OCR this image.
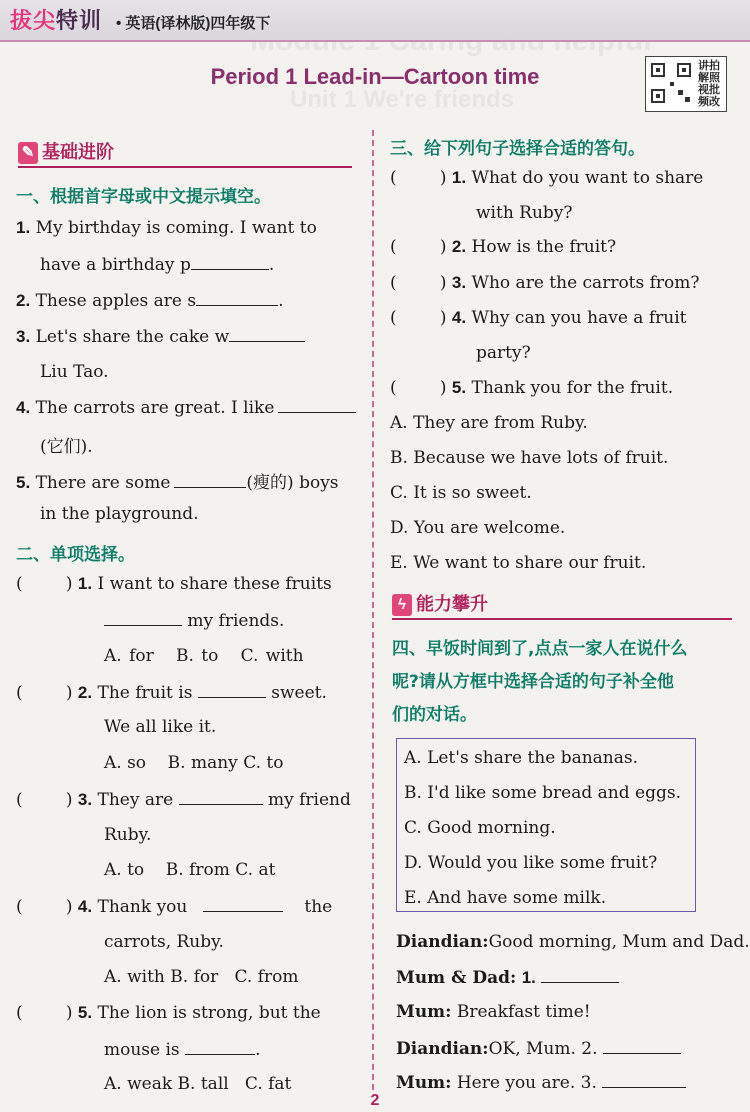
Unit 1 We're friends
拔尖特训 • 英语(译林版)四年级下
讲拍
解照
视批
频改
Period 1 Lead-in—Cartoon time
✎ 基础进阶
一、根据首字母或中文提示填空。
1. My birthday is coming. I want to
have a birthday p	.
2. These apples are s	.
3. Let's share the cake w
Liu Tao.
4. The carrots are great. I like
(它们).
5. There are some	(瘦的) boys
in the playground.
二、单项选择。
(        ) 1. I want to share these fruits
my friends.
A. for B. to C. with
(        ) 2. The fruit is	sweet.
We all like it.
A. so B. many C. to
(        ) 3. They are	my friend
Ruby.
A. to B. from C. at
(        ) 4. Thank you	the
carrots, Ruby.
A. with B. for C. from
(        ) 5. The lion is strong, but the
mouse is	.
A. weak B. tall C. fat
三、给下列句子选择合适的答句。
(        ) 1. What do you want to share
with Ruby?
(        ) 2. How is the fruit?
(        ) 3. Who are the carrots from?
(        ) 4. Why can you have a fruit
party?
(        ) 5. Thank you for the fruit.
A. They are from Ruby.
B. Because we have lots of fruit.
C. It is so sweet.
D. You are welcome.
E. We want to share our fruit.
ϟ 能力攀升
四、早饭时间到了,点点一家人在说什么
呢?请从方框中选择合适的句子补全他
们的对话。
A. Let's share the bananas.
B. I'd like some bread and eggs.
C. Good morning.
D. Would you like some fruit?
E. And have some milk.
Diandian:Good morning, Mum and Dad.
Mum & Dad: 1.
Mum: Breakfast time!
Diandian:OK, Mum. 2.
Mum: Here you are. 3.
2
